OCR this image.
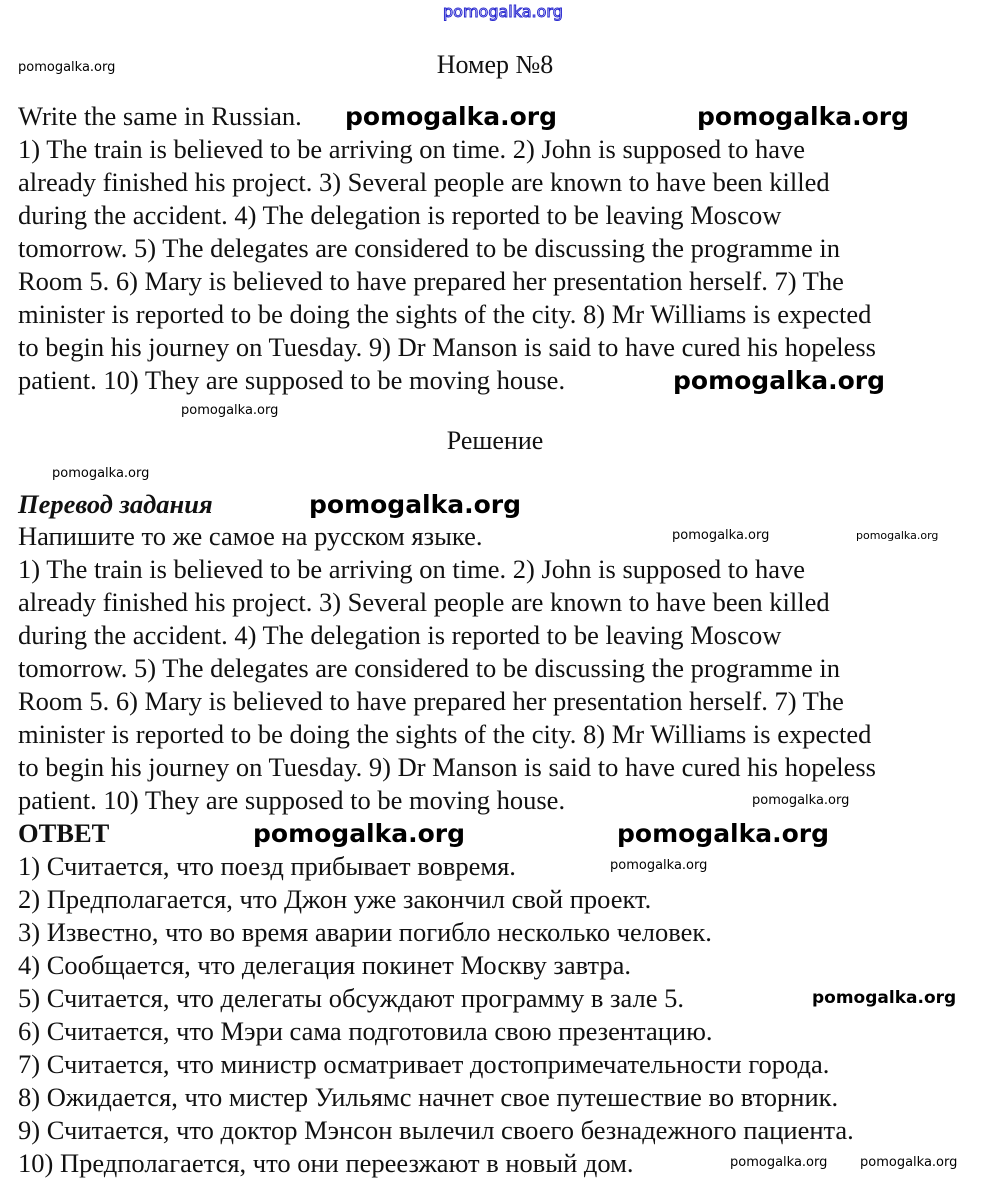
pomogalka.org
Номер №8
Write the same in Russian.
1) The train is believed to be arriving on time. 2) John is supposed to have
already finished his project. 3) Several people are known to have been killed
during the accident. 4) The delegation is reported to be leaving Moscow
tomorrow. 5) The delegates are considered to be discussing the programme in
Room 5. 6) Mary is believed to have prepared her presentation herself. 7) The
minister is reported to be doing the sights of the city. 8) Mr Williams is expected
to begin his journey on Tuesday. 9) Dr Manson is said to have cured his hopeless
patient. 10) They are supposed to be moving house.
Решение
Перевод задания
Напишите то же самое на русском языке.
1) The train is believed to be arriving on time. 2) John is supposed to have
already finished his project. 3) Several people are known to have been killed
during the accident. 4) The delegation is reported to be leaving Moscow
tomorrow. 5) The delegates are considered to be discussing the programme in
Room 5. 6) Mary is believed to have prepared her presentation herself. 7) The
minister is reported to be doing the sights of the city. 8) Mr Williams is expected
to begin his journey on Tuesday. 9) Dr Manson is said to have cured his hopeless
patient. 10) They are supposed to be moving house.
ОТВЕТ
1) Считается, что поезд прибывает вовремя.
2) Предполагается, что Джон уже закончил свой проект.
3) Известно, что во время аварии погибло несколько человек.
4) Сообщается, что делегация покинет Москву завтра.
5) Считается, что делегаты обсуждают программу в зале 5.
6) Считается, что Мэри сама подготовила свою презентацию.
7) Считается, что министр осматривает достопримечательности города.
8) Ожидается, что мистер Уильямс начнет свое путешествие во вторник.
9) Считается, что доктор Мэнсон вылечил своего безнадежного пациента.
10) Предполагается, что они переезжают в новый дом.
pomogalka.org	pomogalka.org
pomogalka.org
pomogalka.org
pomogalka.org	pomogalka.org
pomogalka.org
pomogalka.org
pomogalka.org
pomogalka.org	pomogalka.org
pomogalka.org
pomogalka.org
pomogalka.org
pomogalka.org	pomogalka.org
